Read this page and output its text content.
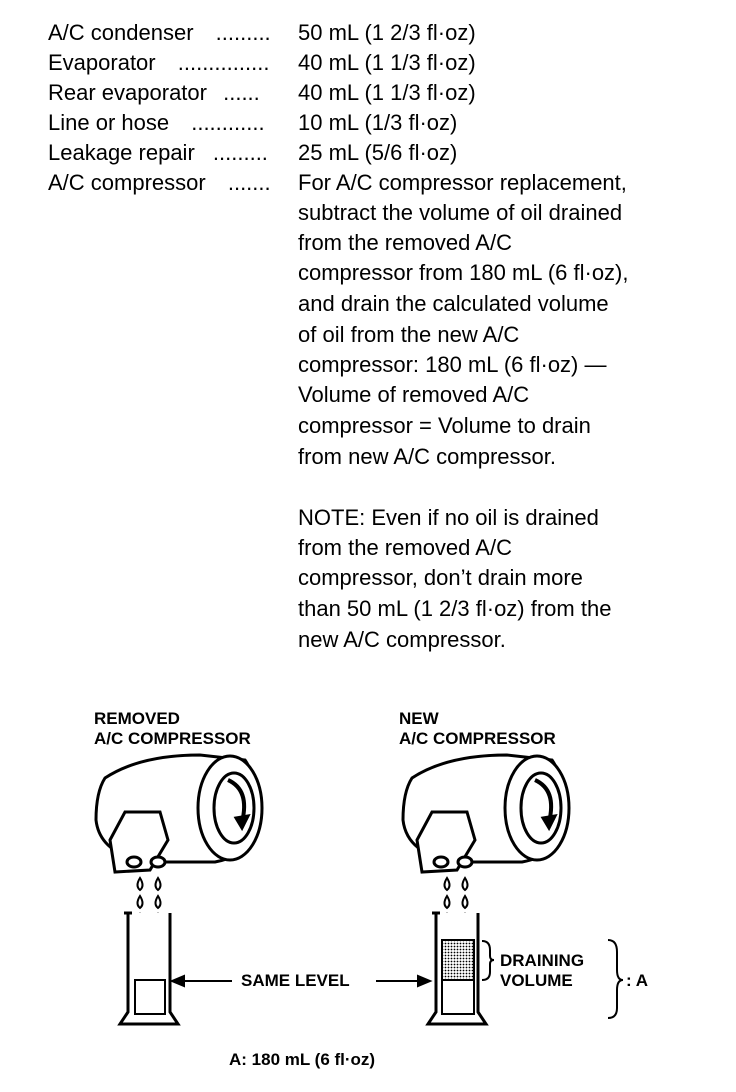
A/C condenser ......... 50 mL (1 2/3 fl·oz)
Evaporator ............... 40 mL (1 1/3 fl·oz)
Rear evaporator ...... 40 mL (1 1/3 fl·oz)
Line or hose ............ 10 mL (1/3 fl·oz)
Leakage repair ......... 25 mL (5/6 fl·oz)
A/C compressor ....... For A/C compressor replacement,
subtract the volume of oil drained
from the removed A/C
compressor from 180 mL (6 fl·oz),
and drain the calculated volume
of oil from the new A/C
compressor: 180 mL (6 fl·oz) —
Volume of removed A/C
compressor = Volume to drain
from new A/C compressor.
NOTE: Even if no oil is drained
from the removed A/C
compressor, don’t drain more
than 50 mL (1 2/3 fl·oz) from the
new A/C compressor.
REMOVED
A/C COMPRESSOR
NEW
A/C COMPRESSOR
SAME LEVEL
DRAINING
VOLUME	: A
A: 180 mL (6 fl·oz)
